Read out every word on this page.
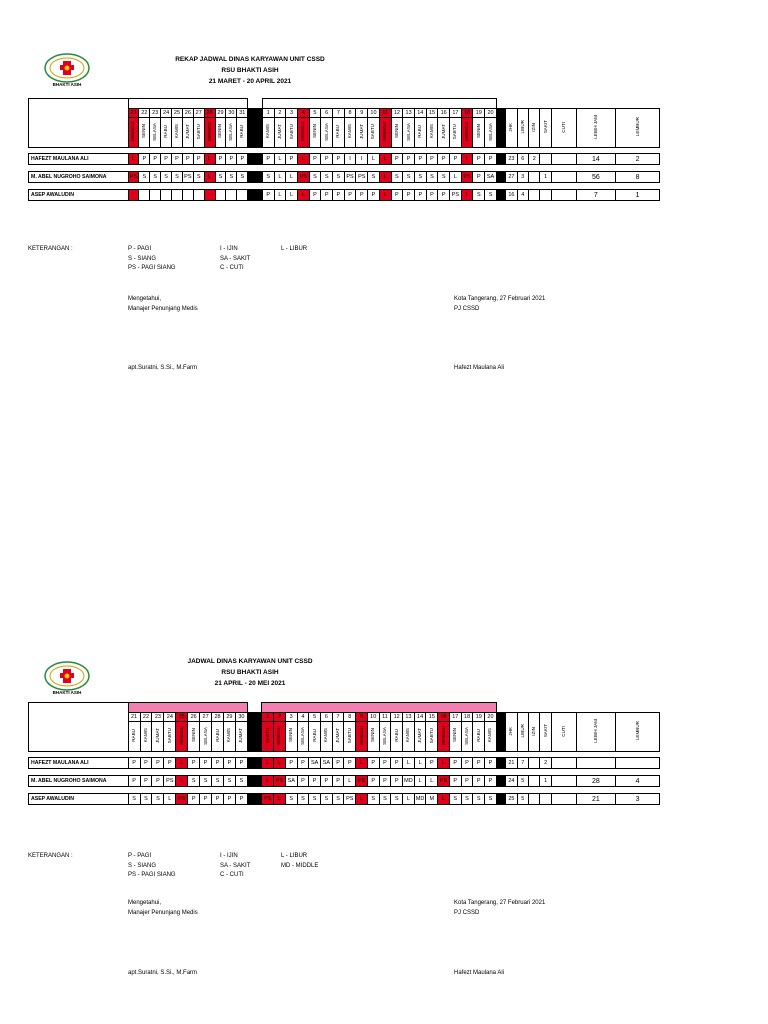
BHAKTI ASIH
REKAP JADWAL DINAS KARYAWAN UNIT CSSD
RSU BHAKTI ASIH
21 MARET - 20 APRIL 2021

	21	22	23	24	25	26	27	28	29	30	31		1	2	3	4	5	6	7	8	9	10	11	12	13	14	15	16	17	18	19	20		JHK	LIBUR	IZIN	SAKIT	CUTI	LEBIH JAM	LEMBUR
	MINGGU	SENIN	SELASA	RABU	KAMIS	JUMAT	SABTU	MINGGU	SENIN	SELASA	RABU		KAMIS	JUMAT	SABTU	MINGGU	SENIN	SELASA	RABU	KAMIS	JUMAT	SABTU	MINGGU	SENIN	SELASA	RABU	KAMIS	JUMAT	SABTU	MINGGU	SENIN	SELASA								

HAFEZT MAULANA ALI	L	P	P	P	P	P	P	L	P	P	P		P	L	P	L	P	P	P	I	I	L	L	P	P	P	P	P	P	L	P	P		23	6	2			14	2

M. ABEL NUGROHO SAIMONA	PS	S	S	S	S	PS	S	L	S	S	S		S	L	L	PS	S	S	S	PS	PS	S	L	S	S	S	S	S	L	PS	P	SA		27	3		1		56	8

ASEP AWALUDIN													P	L	L	L	P	P	P	P	P	P	L	P	P	P	P	P	PS	L	S	S		16	4				7	1
KETERANGAN :	P - PAGI
S - SIANG
PS - PAGI SIANG
I - IJIN
SA - SAKIT
C - CUTI
L - LIBUR
Mengetahui,
Manajer Penunjang Medis
Kota Tangerang, 27 Februari 2021
PJ CSSD
apt.Suratni, S.Si., M.Farm	Hafezt Maulana Ali
BHAKTI ASIH
JADWAL DINAS KARYAWAN UNIT CSSD
RSU BHAKTI ASIH
21 APRIL - 20 MEI 2021

	21	22	23	24	25	26	27	28	29	30		1	2	3	4	5	6	7	8	9	10	11	12	13	14	15	16	17	18	19	20		JHK	LIBUR	IZIN	SAKIT	CUTI	LEBIH JAM	LEMBUR
	RABU	KAMIS	JUMAT	SABTU	MINGGU	SENIN	SELASA	RABU	KAMIS	JUMAT		SABTU	MINGGU	SENIN	SELASA	RABU	KAMIS	JUMAT	SABTU	MINGGU	SENIN	SELASA	RABU	KAMIS	JUMAT	SABTU	MINGGU	SENIN	SELASA	RABU	KAMIS								

HAFEZT MAULANA ALI	P	P	P	P	L	P	P	P	P	P		L	L	P	P	SA	SA	P	P	L	P	P	P	L	L	P	L	P	P	P	P		21	7		2			

M. ABEL NUGROHO SAIMONA	P	P	P	PS	L	S	S	S	S	S		L	PS	SA	P	P	P	P	L	PS	P	P	P	MD	L	L	PS	P	P	P	P		24	5		1		28	4

ASEP AWALUDIN	S	S	S	L	PS	P	P	P	P	P		PS	L	S	S	S	S	S	PS	L	S	S	S	L	MD	M	L	S	S	S	S		25	5				21	3
KETERANGAN :	P - PAGI
S - SIANG
PS - PAGI SIANG
I - IJIN
SA - SAKIT
C - CUTI
L - LIBUR
MD - MIDDLE
Mengetahui,
Manajer Penunjang Medis
Kota Tangerang, 27 Februari 2021
PJ CSSD
apt.Suratni, S.Si., M.Farm	Hafezt Maulana Ali
